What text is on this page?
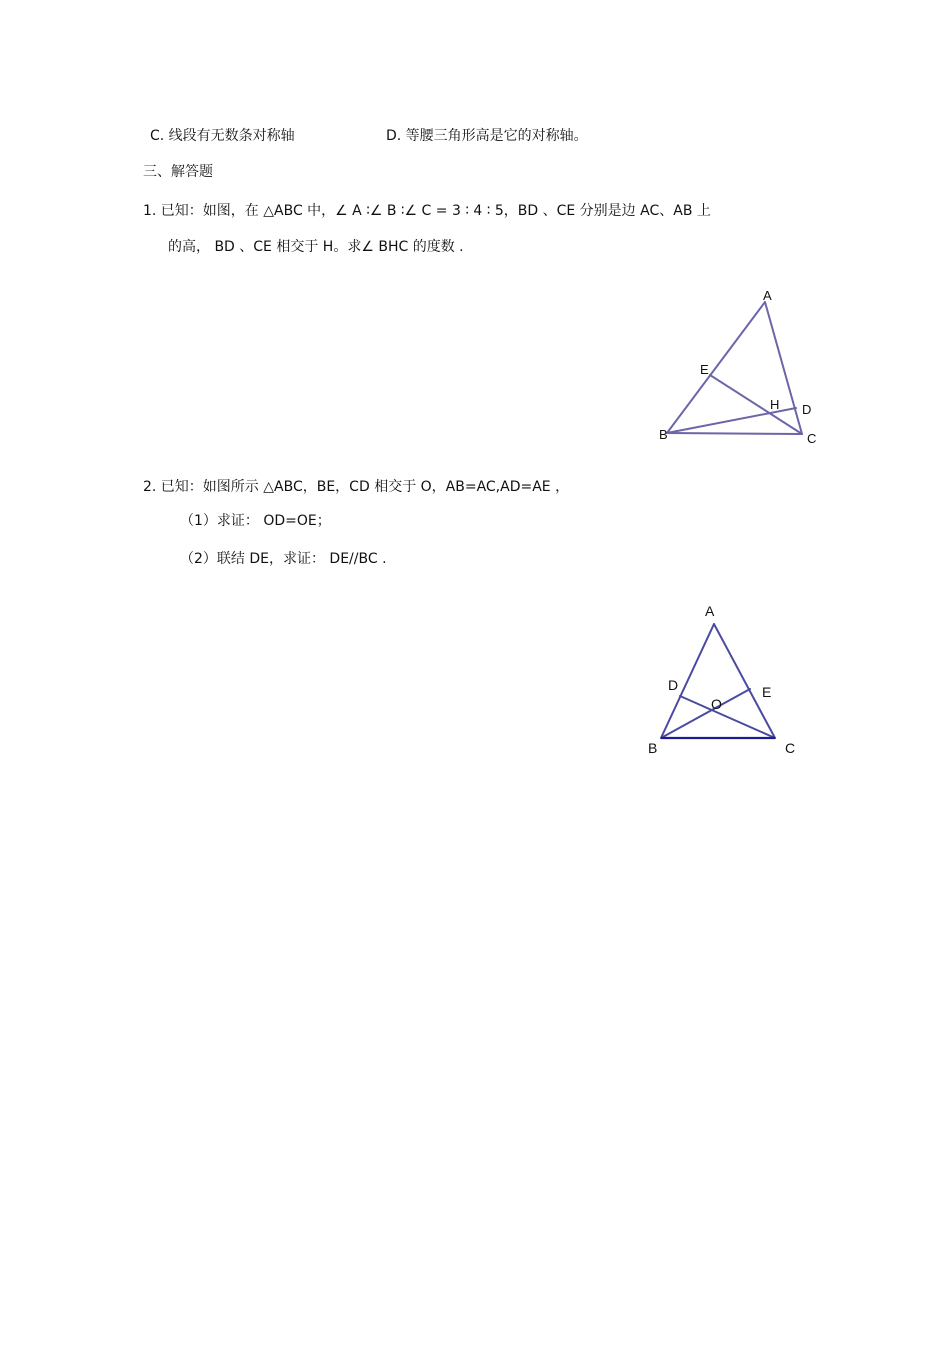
C. 线段有无数条对称轴	D. 等腰三角形高是它的对称轴。
三、解答题
1. 已知：如图，在 △ABC 中，∠ A ∶∠ B ∶∠ C = 3 ∶ 4 ∶ 5，BD 、CE 分别是边 AC、AB 上
的高， BD 、CE 相交于 H。求∠ BHC 的度数 .
A
E
H D
B	C
2. 已知：如图所示 △ABC，BE，CD 相交于 O，AB=AC,AD=AE ，
（1）求证： OD=OE；
（2）联结 DE，求证： DE//BC .
A
D	E
O
B	C
